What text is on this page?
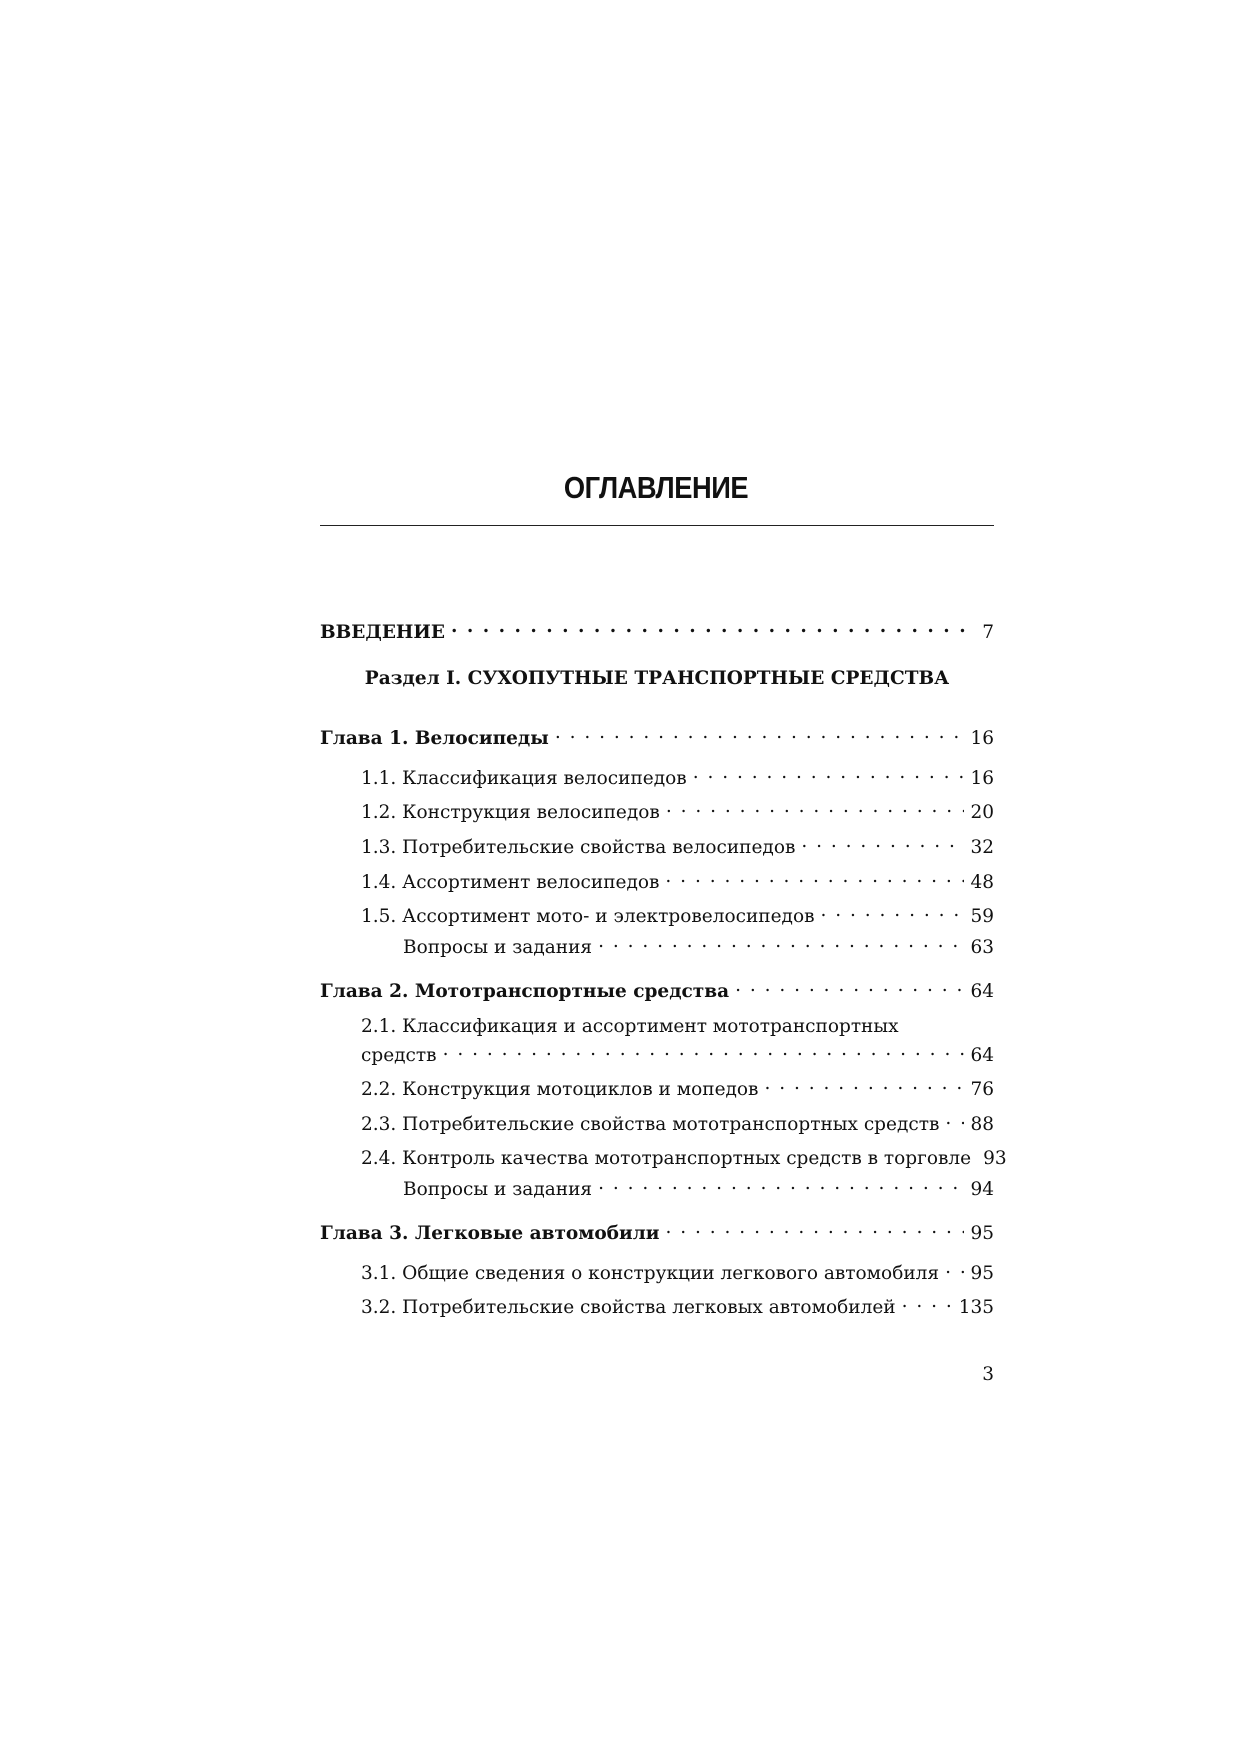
ОГЛАВЛЕНИЕ
ВВЕДЕНИЕ . . .	7
Раздел I. СУХОПУТНЫЕ ТРАНСПОРТНЫЕ СРЕДСТВА
Глава 1. Велосипеды . . .	16
1.1. Классификация велосипедов . . .	16
1.2. Конструкция велосипедов . . .	20
1.3. Потребительские свойства велосипедов . . .	32
1.4. Ассортимент велосипедов . . .	48
1.5. Ассортимент мото- и электровелосипедов . . .	59
Вопросы и задания . . .	63
Глава 2. Мототранспортные средства . . .	64
2.1. Классификация и ассортимент мототранспортных
средств . . .	64
2.2. Конструкция мотоциклов и мопедов . . .	76
2.3. Потребительские свойства мототранспортных средств . . .	88
2.4. Контроль качества мототранспортных средств в торговле 93
Вопросы и задания . . .	94
Глава 3. Легковые автомобили . . .	95
3.1. Общие сведения о конструкции легкового автомобиля . . .	95
3.2. Потребительские свойства легковых автомобилей . . .	135
3
